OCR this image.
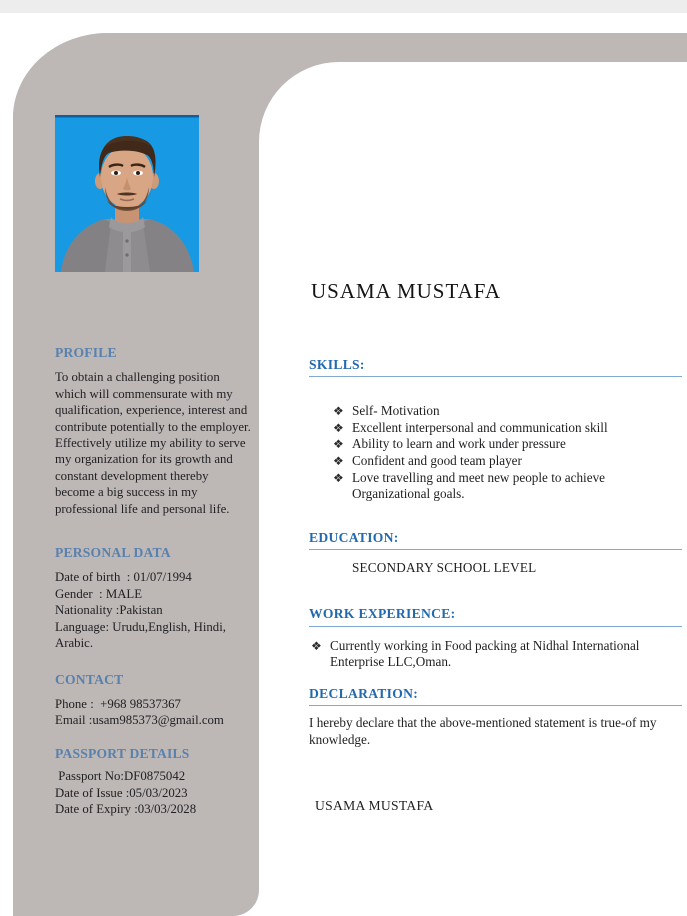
PROFILE

To obtain a challenging position which will commensurate with my qualification, experience, interest and contribute potentially to the employer. Effectively utilize my ability to serve my organization for its growth and constant development thereby become a big success in my professional life and personal life.

PERSONAL DATA
Date of birth  : 01/07/1994
Gender  : MALE
Nationality :Pakistan
Language: Urudu,English, Hindi, Arabic.
CONTACT
Phone :  +968 98537367
Email :usam985373@gmail.com
PASSPORT DETAILS
Passport No:DF0875042
Date of Issue :05/03/2023
Date of Expiry :03/03/2028
USAMA MUSTAFA
SKILLS:
❖ Self- Motivation
❖ Excellent interpersonal and communication skill
❖ Ability to learn and work under pressure
❖ Confident and good team player
❖ Love travelling and meet new people to achieve Organizational goals.
EDUCATION:
SECONDARY SCHOOL LEVEL
WORK EXPERIENCE:
❖ Currently working in Food packing at Nidhal International Enterprise LLC,Oman.
DECLARATION:

I hereby declare that the above-mentioned statement is true-of my knowledge.

USAMA MUSTAFA
